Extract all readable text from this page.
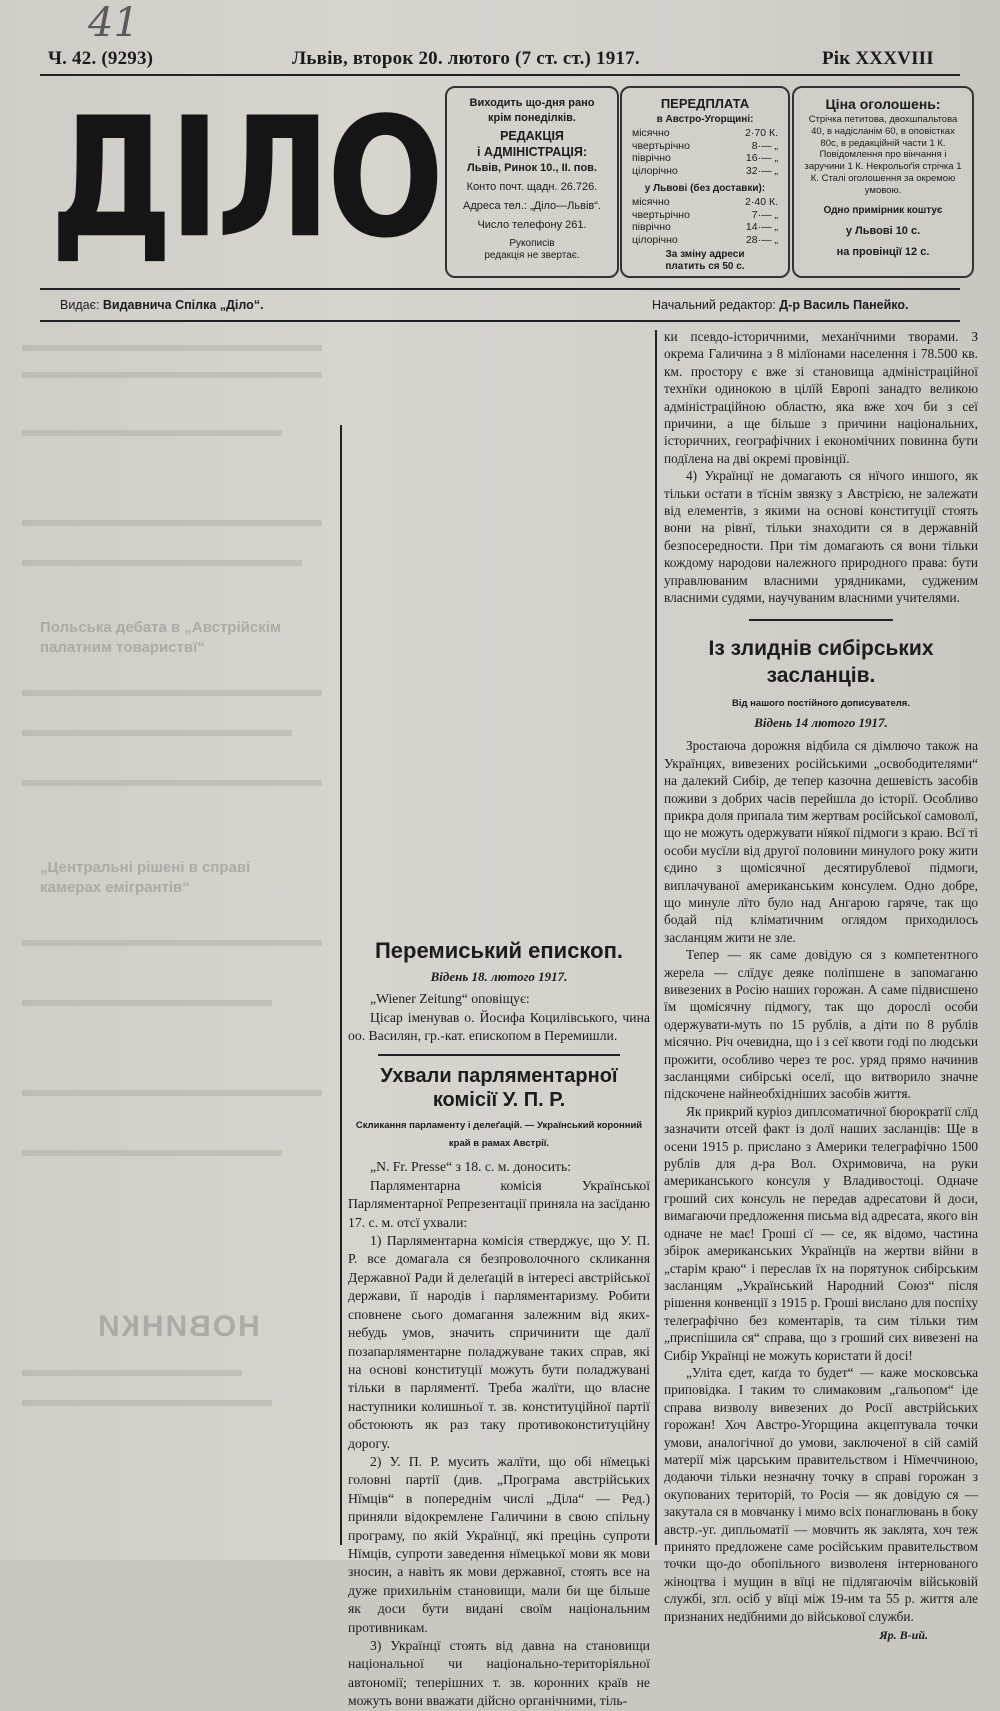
41
Ч. 42. (9293)	Львів, второк 20. лютого (7 ст. ст.) 1917.	Рік XXXVIII
ДІЛО	Виходить що-дня рано
крім понеділків.
РЕДАКЦІЯ
і АДМІНІСТРАЦІЯ:
Львів, Ринок 10., II. пов.
Конто почт. щадн. 26.726.
Адреса тел.: „Діло—Львів“.
Число телефону 261.
Рукописів
редакція не звертає.
ПЕРЕДПЛАТА
в Австро-Угорщині:
місячно	2·70 К.
чвертьрічно	8·— „
піврічно	16·— „
цілорічно	32·— „
у Львові (без доставки):
місячно	2·40 К.
чвертьрічно	7·— „
піврічно	14·— „
цілорічно	28·— „
За зміну адреси
платить ся 50 с.
Ціна оголошень:
Стрічка петитова, двохшпальтова 40, в надісланім 60, в оповістках 80с, в редакційній части 1 К. Повідомлення про вінчання і заручини 1 К. Некрольоґія стрічка 1 К. Сталі оголошення за окремою умовою.
Одно примірник коштує
у Львові 10 с.
на провінції 12 с.
Видає: Видавнича Спілка „Діло“.	Начальний редактор: Д-р Василь Панейко.
Польська дебата в „Австрійскім
палатним товариствї“
„Центральні рішені в справі
камерах емігрантів“
НОВИНКИ
Перемиський епископ.
Відень 18. лютого 1917.

„Wiener Zeitung“ оповіщує:

Цісар іменував о. Йосифа Коцилівського, чина оо. Василян, гр.-кат. епископом в Перемишли.

Ухвали парляментарної комісії У. П. Р.
Скликання парламенту і делеґацій. — Український коронний край в рамах Австрії.

„N. Fr. Presse“ з 18. с. м. доносить:

Парляментарна комісія Української Парляментарної Репрезентації приняла на засїданю 17. с. м. отсї ухвали:

1) Парляментарна комісія стверджує, що У. П. Р. все домагала ся безпроволочного скликання Державної Ради й делеґацій в інтересі австрійської держави, її народів і парляментаризму. Робити сповнене сього домагання залежним від яких-небудь умов, значить спричинити ще далї позапарляментарне поладжуване таких справ, які на основі конституції можуть бути поладжувані тільки в парляментї. Треба жалїти, що власне наступники колишньої т. зв. конституційної партії обстоюють як раз таку противоконституційну дорогу.

2) У. П. Р. мусить жалїти, що обі нїмецькі головні партії (див. „Програма австрійських Нїмців“ в попереднім числі „Діла“ — Ред.) приняли відокремлене Галичини в свою спільну програму, по якій Українцї, які прецінь супроти Нїмців, супроти заведення нїмецької мови як мови зносин, а навіть як мови державної, стоять все на дуже прихильнім становищи, мали би ще більше як доси бути видані своїм національним противникам.

3) Українцї стоять від давна на становищи національної чи національно-територіяльної автономії; теперішних т. зв. коронних країв не можуть вони вважати дійсно органічними, тіль-

ки псевдо-історичними, механїчними творами. З окрема Галичина з 8 мілїонами населення і 78.500 кв. км. простору є вже зі становища адміністраційної технїки одинокою в цілїй Европі занадто великою адміністраційною областю, яка вже хоч би з сеї причини, а ще більше з причини національних, історичних, географічних і економічних повинна бути подїлена на дві окремі провінції.

4) Українцї не домагають ся нїчого иншого, як тільки остати в тїснім звязку з Австрією, не залежати від елементів, з якими на основі конституції стоять вони на рівнї, тільки знаходити ся в державній безпосередности. При тім домагають ся вони тільки кождому народови належного природного права: бути управлюваним власними урядниками, судженим власними судями, научуваним власними учителями.

Із злиднів сибірських засланців.
Від нашого постійного дописувателя.
Відень 14 лютого 1917.

Зростаюча дорожня відбила ся дімлючо також на Українцях, вивезених російськими „освободителями“ на далекий Сибір, де тепер казочна дешевість засобів поживи з добрих часів перейшла до історії. Особливо прикра доля припала тим жертвам російської самоволї, що не можуть одержувати нїякої підмоги з краю. Всї ті особи мусїли від другої половини минулого року жити єдино з щомісячної десятирублевої підмоги, виплачуваної американським консулем. Одно добре, що минуле лїто було над Ангарою гаряче, так що бодай під кліматичним оглядом приходилось засланцям жити не зле.

Тепер — як саме довідую ся з компетентного жерела — слїдує деяке поліпшене в запомаганю вивезених в Росію наших горожан. А саме підвисшено їм щомісячну підмогу, так що дорослі особи одержувати-муть по 15 рублів, а діти по 8 рублів місячно. Річ очевидна, що і з сеї квоти годі по людськи прожити, особливо через те рос. уряд прямо начинив засланцями сибірські оселї, що витворило значне підскочене найнеобхідніших засобів життя.

Як прикрий куріоз диплсоматичної бюрократії слїд зазначити отсей факт із долї наших засланців: Ще в осени 1915 р. прислано з Америки телеграфічно 1500 рублів для д-ра Вол. Охримовича, на руки американського консуля у Владивостоці. Одначе гроший сих консуль не передав адресатови й доси, вимагаючи предложення письма від адресата, якого він одначе не має! Гроші сї — се, як відомо, частина збірок американських Українцїв на жертви війни в „старім краю“ і переслав їх на порятунок сибірським засланцям „Український Народний Союз“ після рішення конвенції з 1915 р. Гроші виcлано для поспіху телеґрафічно без коментарів, та сим тільки тим „приспішила ся“ справа, що з гроший сих вивезені на Сибір Українці не можуть користати й досі!

„Уліта єдет, каґда то будет“ — каже московська приповідка. І таким то слимаковим „гальопом“ іде справа визволу вивезених до Росії австрійських горожан! Хоч Австро-Угорщина акцептувала точки умови, аналогічної до умови, заключеної в сій самій матерії між царським правительством і Нїмеччиною, додаючи тільки незначну точку в справі горожан з окупованих територій, то Росія — як довідую ся — закутала ся в мовчанку і мимо всіх понаглювань в боку австр.-уг. дипльоматії — мовчить як заклята, хоч теж принято предложене саме російським правительством точки що-до обопільного визволеня інтернованого жіноцтва і мущин в вїці не підлягаючім військовій службі, згл. осіб у вїці між 19-им та 55 р. життя але признаних недїбними до військової служби.

Яр. В-ий.
